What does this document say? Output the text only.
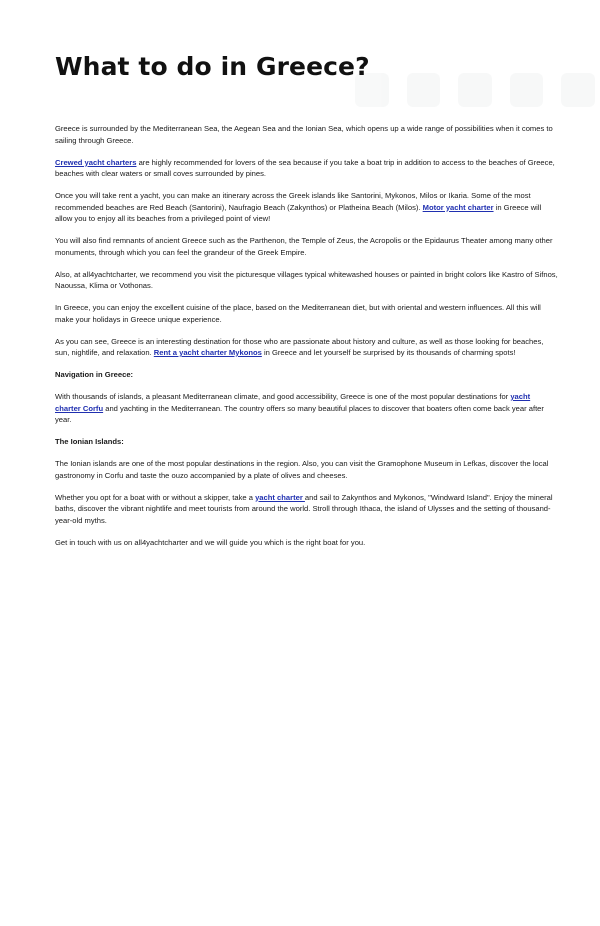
What to do in Greece?

Greece is surrounded by the Mediterranean Sea, the Aegean Sea and the Ionian Sea, which opens up a wide range of possibilities when it comes to sailing through Greece.

Crewed yacht charters are highly recommended for lovers of the sea because if you take a boat trip in addition to access to the beaches of Greece, beaches with clear waters or small coves surrounded by pines.

Once you will take rent a yacht, you can make an itinerary across the Greek islands like Santorini, Mykonos, Milos or Ikaria. Some of the most recommended beaches are Red Beach (Santorini), Naufragio Beach (Zakynthos) or Platheina Beach (Milos). Motor yacht charter in Greece will allow you to enjoy all its beaches from a privileged point of view!

You will also find remnants of ancient Greece such as the Parthenon, the Temple of Zeus, the Acropolis or the Epidaurus Theater among many other monuments, through which you can feel the grandeur of the Greek Empire.

Also, at all4yachtcharter, we recommend you visit the picturesque villages typical whitewashed houses or painted in bright colors like Kastro of Sifnos, Naoussa, Klima or Vothonas.

In Greece, you can enjoy the excellent cuisine of the place, based on the Mediterranean diet, but with oriental and western influences. All this will make your holidays in Greece unique experience.

As you can see, Greece is an interesting destination for those who are passionate about history and culture, as well as those looking for beaches, sun, nightlife, and relaxation. Rent a yacht charter Mykonos in Greece and let yourself be surprised by its thousands of charming spots!

Navigation in Greece:

With thousands of islands, a pleasant Mediterranean climate, and good accessibility, Greece is one of the most popular destinations for yacht charter Corfu and yachting in the Mediterranean. The country offers so many beautiful places to discover that boaters often come back year after year.

The Ionian Islands:

The Ionian islands are one of the most popular destinations in the region. Also, you can visit the Gramophone Museum in Lefkas, discover the local gastronomy in Corfu and taste the ouzo accompanied by a plate of olives and cheeses.

Whether you opt for a boat with or without a skipper, take a yacht charter and sail to Zakynthos and Mykonos, "Windward Island". Enjoy the mineral baths, discover the vibrant nightlife and meet tourists from around the world. Stroll through Ithaca, the island of Ulysses and the setting of thousand-year-old myths.

Get in touch with us on all4yachtcharter and we will guide you which is the right boat for you.
